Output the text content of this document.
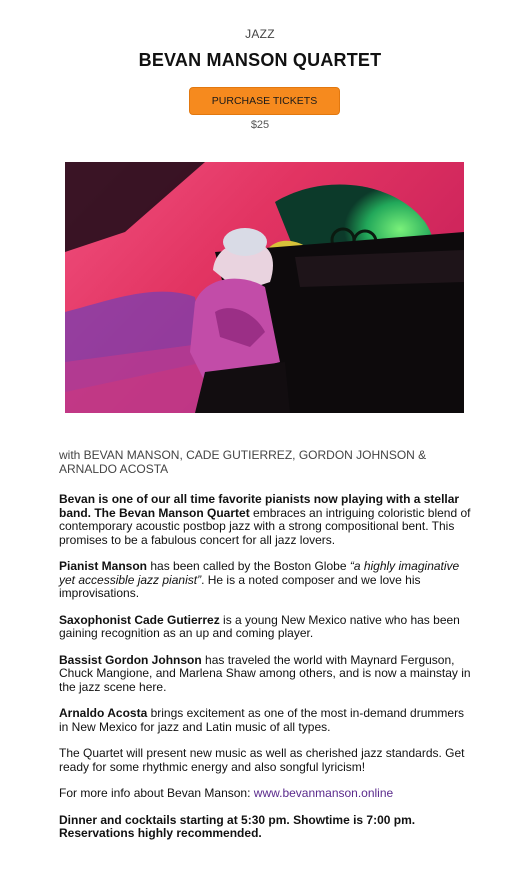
JAZZ
BEVAN MANSON QUARTET
PURCHASE TICKETS
$25
with BEVAN MANSON, CADE GUTIERREZ, GORDON JOHNSON & ARNALDO ACOSTA

Bevan is one of our all time favorite pianists now playing with a stellar band. The Bevan Manson Quartet embraces an intriguing coloristic blend of contemporary acoustic postbop jazz with a strong compositional bent. This promises to be a fabulous concert for all jazz lovers.

Pianist Manson has been called by the Boston Globe “a highly imaginative yet accessible jazz pianist”. He is a noted composer and we love his improvisations.

Saxophonist Cade Gutierrez is a young New Mexico native who has been gaining recognition as an up and coming player.

Bassist Gordon Johnson has traveled the world with Maynard Ferguson, Chuck Mangione, and Marlena Shaw among others, and is now a mainstay in the jazz scene here.

Arnaldo Acosta brings excitement as one of the most in-demand drummers in New Mexico for jazz and Latin music of all types.

The Quartet will present new music as well as cherished jazz standards. Get ready for some rhythmic energy and also songful lyricism!

For more info about Bevan Manson: www.bevanmanson.online

Dinner and cocktails starting at 5:30 pm. Showtime is 7:00 pm. Reservations highly recommended.
